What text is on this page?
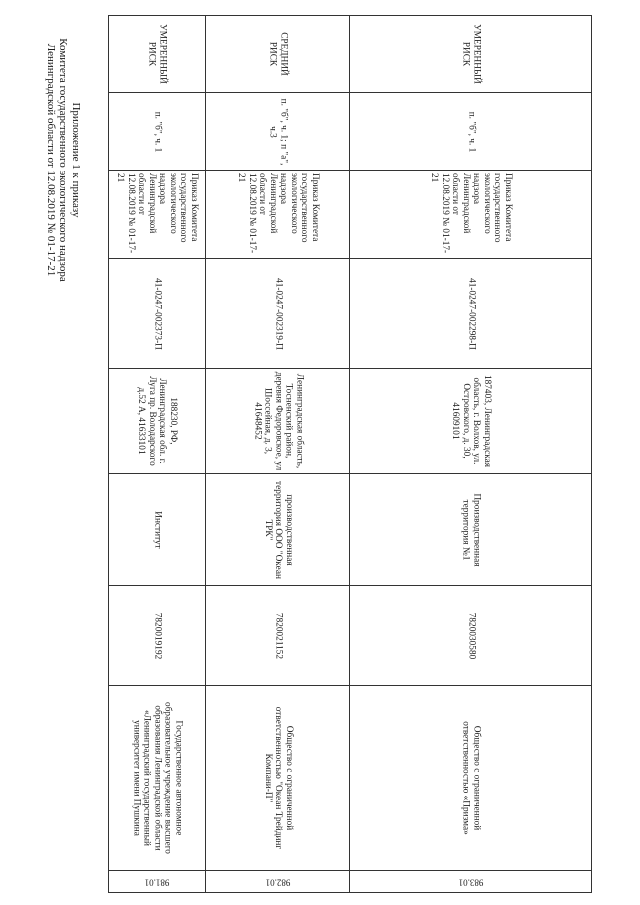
Приложение 1 к приказу
Комитета государственного экологического надзора
Ленинградской области от 12.08.2019 № 01-17-21	УМЕРЕННЫЙ РИСК	СРЕДНИЙ РИСК	УМЕРЕННЫЙ РИСК

п. "б", ч. 1	п. "б", ч. 1; п "а", ч.3	п. "б", ч. 1

Приказ Комитета государственного экологического надзора Ленинградской области от 12.08.2019 № 01-17-21	Приказ Комитета государственного экологического надзора Ленинградской области от 12.08.2019 № 01-17-21	Приказ Комитета государственного экологического надзора Ленинградской области от 12.08.2019 № 01-17-21

41-0247-002373-П	41-0247-002319-П	41-0247-002298-П

188230, РФ, Ленинградская обл. г. Луга пр. Володарского д.52 А, 41633101	Ленинградская область, Тосненский район, деревня Федоровское, ул Шоссейная, д. 3, 41648452	187403, Ленинградская область, г. Волхов, ул. Островского, д. 30, 41609101

Институт	производственная территория ООО "Океан ТРК"	Производственная территория №1

7820019192	7820021152	7820030580

Государственное автономное образовательное учреждение высшего образования Ленинградской области «Ленинградский государственный университет имени Пушкина	Общество с ограниченной ответственностью "Океан Трейдинг Компани-П"	Общество с ограниченной ответственностью «Призма»

981.01	982.01	983.01
